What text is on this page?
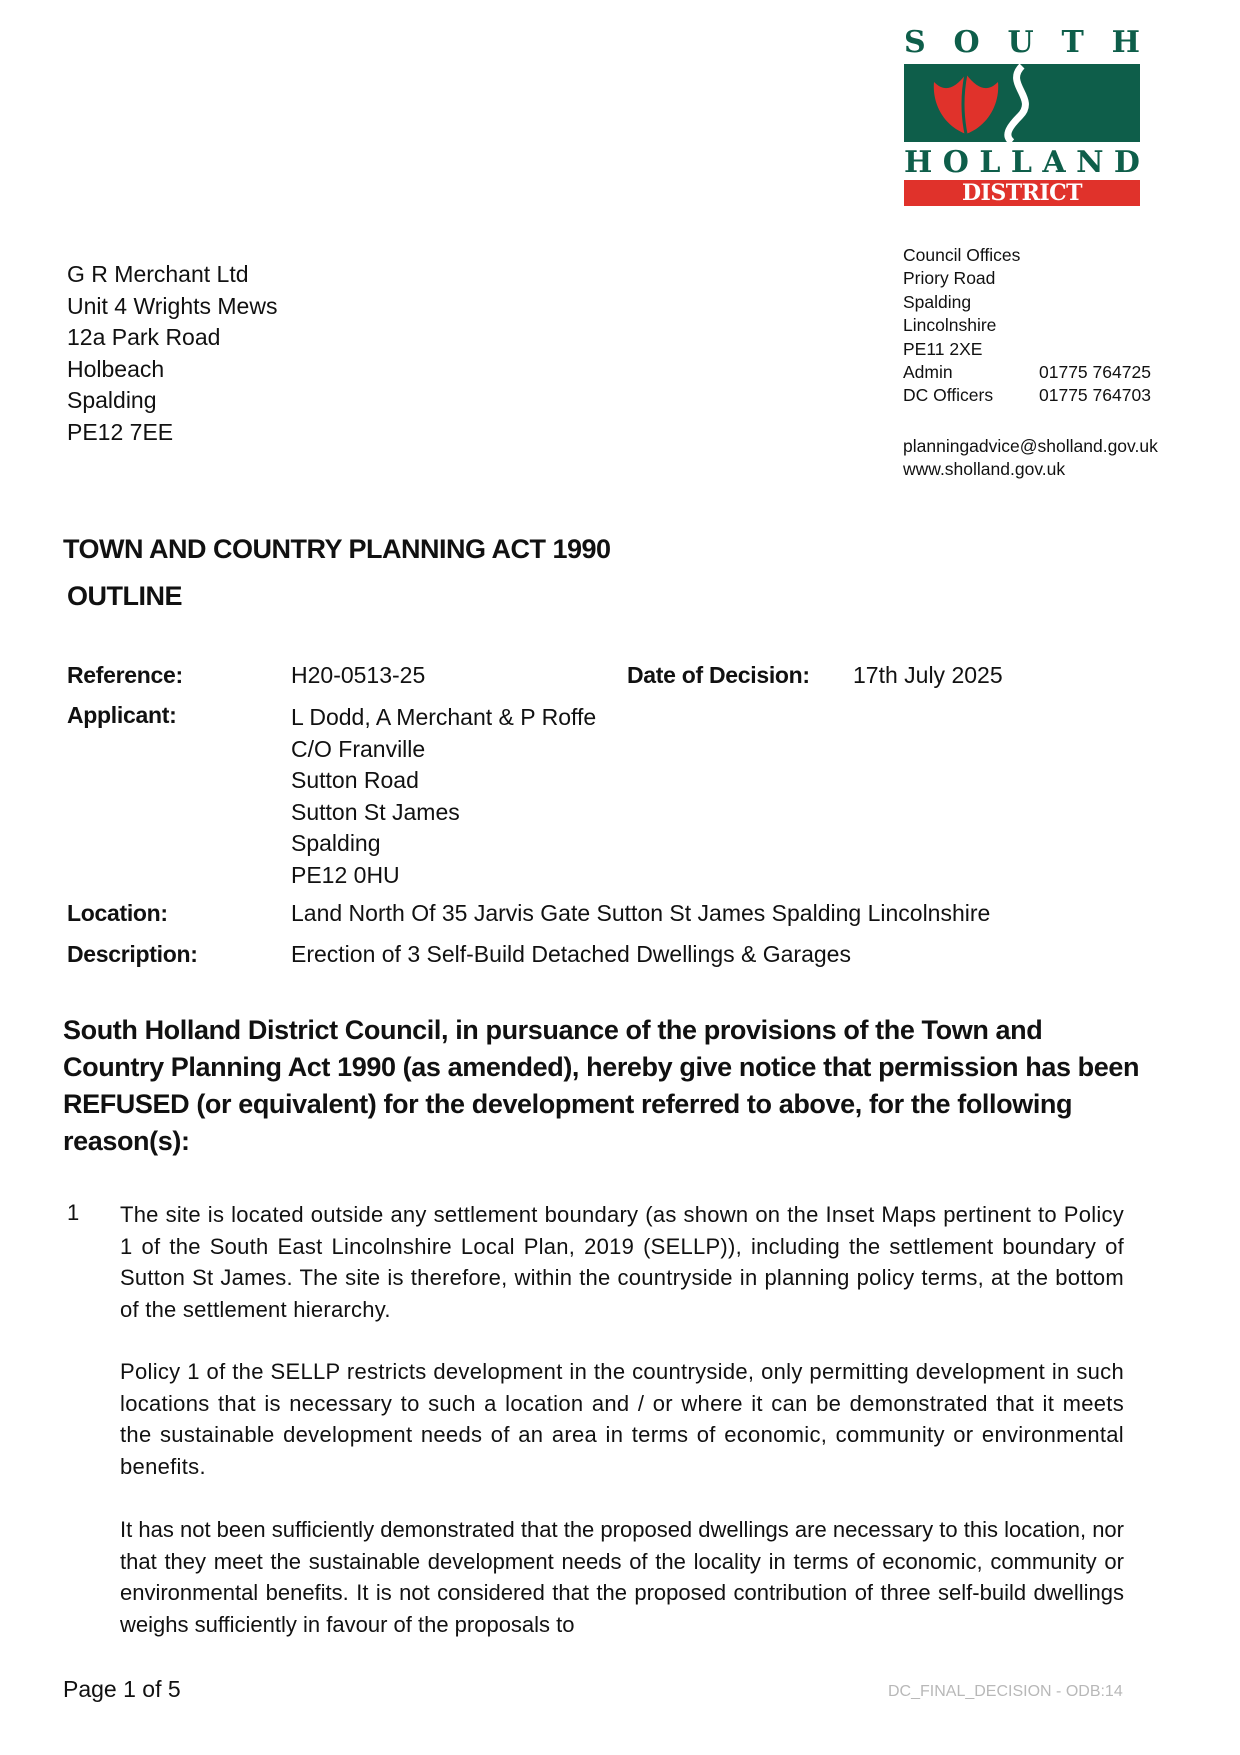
S O U T H
H O L L A N D
DISTRICT COUNCIL
G R Merchant Ltd
Unit 4 Wrights Mews
12a Park Road
Holbeach
Spalding
PE12 7EE
Council Offices
Priory Road
Spalding
Lincolnshire
PE11 2XE
Admin	01775 764725
DC Officers	01775 764703
planningadvice@sholland.gov.uk
www.sholland.gov.uk
TOWN AND COUNTRY PLANNING ACT 1990
OUTLINE
Reference:	H20-0513-25	Date of Decision: 17th July 2025
Applicant:	L Dodd, A Merchant & P Roffe
C/O Franville
Sutton Road
Sutton St James
Spalding
PE12 0HU
Location:	Land North Of 35 Jarvis Gate Sutton St James Spalding Lincolnshire
Description:	Erection of 3 Self-Build Detached Dwellings & Garages
South Holland District Council, in pursuance of the provisions of the Town and Country Planning Act 1990 (as amended), hereby give notice that permission has been REFUSED (or equivalent) for the development referred to above, for the following reason(s):
1 The site is located outside any settlement boundary (as shown on the Inset Maps pertinent to Policy 1 of the South East Lincolnshire Local Plan, 2019 (SELLP)), including the settlement boundary of Sutton St James. The site is therefore, within the countryside in planning policy terms, at the bottom of the settlement hierarchy.
Policy 1 of the SELLP restricts development in the countryside, only permitting development in such locations that is necessary to such a location and / or where it can be demonstrated that it meets the sustainable development needs of an area in terms of economic, community or environmental benefits.
It has not been sufficiently demonstrated that the proposed dwellings are necessary to this location, nor that they meet the sustainable development needs of the locality in terms of economic, community or environmental benefits. It is not considered that the proposed contribution of three self-build dwellings weighs sufficiently in favour of the proposals to
Page 1 of 5	DC_FINAL_DECISION - ODB:14
